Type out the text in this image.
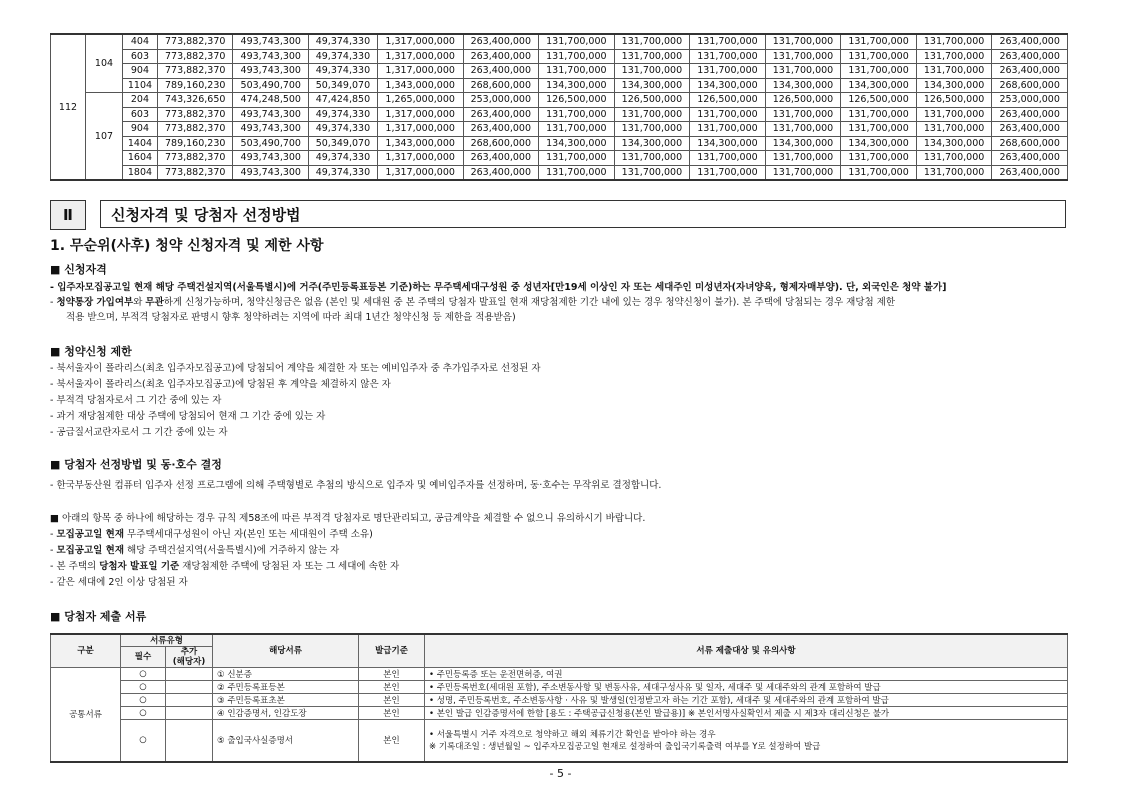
112	104	404	773,882,370	493,743,300	49,374,330	1,317,000,000	263,400,000	131,700,000	131,700,000	131,700,000	131,700,000	131,700,000	131,700,000	263,400,000
		603	773,882,370	493,743,300	49,374,330	1,317,000,000	263,400,000	131,700,000	131,700,000	131,700,000	131,700,000	131,700,000	131,700,000	263,400,000
		904	773,882,370	493,743,300	49,374,330	1,317,000,000	263,400,000	131,700,000	131,700,000	131,700,000	131,700,000	131,700,000	131,700,000	263,400,000
		1104	789,160,230	503,490,700	50,349,070	1,343,000,000	268,600,000	134,300,000	134,300,000	134,300,000	134,300,000	134,300,000	134,300,000	268,600,000
	107	204	743,326,650	474,248,500	47,424,850	1,265,000,000	253,000,000	126,500,000	126,500,000	126,500,000	126,500,000	126,500,000	126,500,000	253,000,000
		603	773,882,370	493,743,300	49,374,330	1,317,000,000	263,400,000	131,700,000	131,700,000	131,700,000	131,700,000	131,700,000	131,700,000	263,400,000
		904	773,882,370	493,743,300	49,374,330	1,317,000,000	263,400,000	131,700,000	131,700,000	131,700,000	131,700,000	131,700,000	131,700,000	263,400,000
		1404	789,160,230	503,490,700	50,349,070	1,343,000,000	268,600,000	134,300,000	134,300,000	134,300,000	134,300,000	134,300,000	134,300,000	268,600,000
		1604	773,882,370	493,743,300	49,374,330	1,317,000,000	263,400,000	131,700,000	131,700,000	131,700,000	131,700,000	131,700,000	131,700,000	263,400,000
		1804	773,882,370	493,743,300	49,374,330	1,317,000,000	263,400,000	131,700,000	131,700,000	131,700,000	131,700,000	131,700,000	131,700,000	263,400,000
Ⅱ	신청자격 및 당첨자 선정방법
1. 무순위(사후) 청약 신청자격 및 제한 사항
■ 신청자격
- 입주자모집공고일 현재 해당 주택건설지역(서울특별시)에 거주(주민등록표등본 기준)하는 무주택세대구성원 중 성년자[만19세 이상인 자 또는 세대주인 미성년자(자녀양육, 형제자매부양). 단, 외국인은 청약 불가]
- 청약통장 가입여부와 무관하게 신청가능하며, 청약신청금은 없음 (본인 및 세대원 중 본 주택의 당첨자 발표일 현재 재당첨제한 기간 내에 있는 경우 청약신청이 불가). 본 주택에 당첨되는 경우 재당첨 제한
적용 받으며, 부적격 당첨자로 판명시 향후 청약하려는 지역에 따라 최대 1년간 청약신청 등 제한을 적용받음)
■ 청약신청 제한
- 북서울자이 폴라리스(최초 입주자모집공고)에 당첨되어 계약을 체결한 자 또는 예비입주자 중 추가입주자로 선정된 자
- 북서울자이 폴라리스(최초 입주자모집공고)에 당첨된 후 계약을 체결하지 않은 자
- 부적격 당첨자로서 그 기간 중에 있는 자
- 과거 재당첨제한 대상 주택에 당첨되어 현재 그 기간 중에 있는 자
- 공급질서교란자로서 그 기간 중에 있는 자
■ 당첨자 선정방법 및 동·호수 결정
- 한국부동산원 컴퓨터 입주자 선정 프로그램에 의해 주택형별로 추첨의 방식으로 입주자 및 예비입주자를 선정하며, 동·호수는 무작위로 결정합니다.
■ 아래의 항목 중 하나에 해당하는 경우 규칙 제58조에 따른 부적격 당첨자로 명단관리되고, 공급계약을 체결할 수 없으니 유의하시기 바랍니다.
- 모집공고일 현재 무주택세대구성원이 아닌 자(본인 또는 세대원이 주택 소유)
- 모집공고일 현재 해당 주택건설지역(서울특별시)에 거주하지 않는 자
- 본 주택의 당첨자 발표일 기준 재당첨제한 주택에 당첨된 자 또는 그 세대에 속한 자
- 같은 세대에 2인 이상 당첨된 자
■ 당첨자 제출 서류
구분	서류유형		해당서류	발급기준	서류 제출대상 및 유의사항
	필수	추가
(해당자)			
공통서류	○		① 신분증	본인	• 주민등록증 또는 운전면허증, 여권
	○		② 주민등록표등본	본인	• 주민등록번호(세대원 포함), 주소변동사항 및 변동사유, 세대구성사유 및 일자, 세대주 및 세대주와의 관계 포함하여 발급
	○		③ 주민등록표초본	본인	• 성명, 주민등록번호, 주소변동사항 · 사유 및 발생일(인정받고자 하는 기간 포함), 세대주 및 세대주와의 관계 포함하여 발급
	○		④ 인감증명서, 인감도장	본인	• 본인 발급 인감증명서에 한함 [용도 : 주택공급신청용(본인 발급용)] ※ 본인서명사실확인서 제출 시 제3자 대리신청은 불가
	○		⑤ 출입국사실증명서	본인	• 서울특별시 거주 자격으로 청약하고 해외 체류기간 확인을 받아야 하는 경우
※ 기록대조일 : 생년월일 ~ 입주자모집공고일 현재로 설정하여 출입국기록출력 여부를 Y로 설정하여 발급
- 5 -
